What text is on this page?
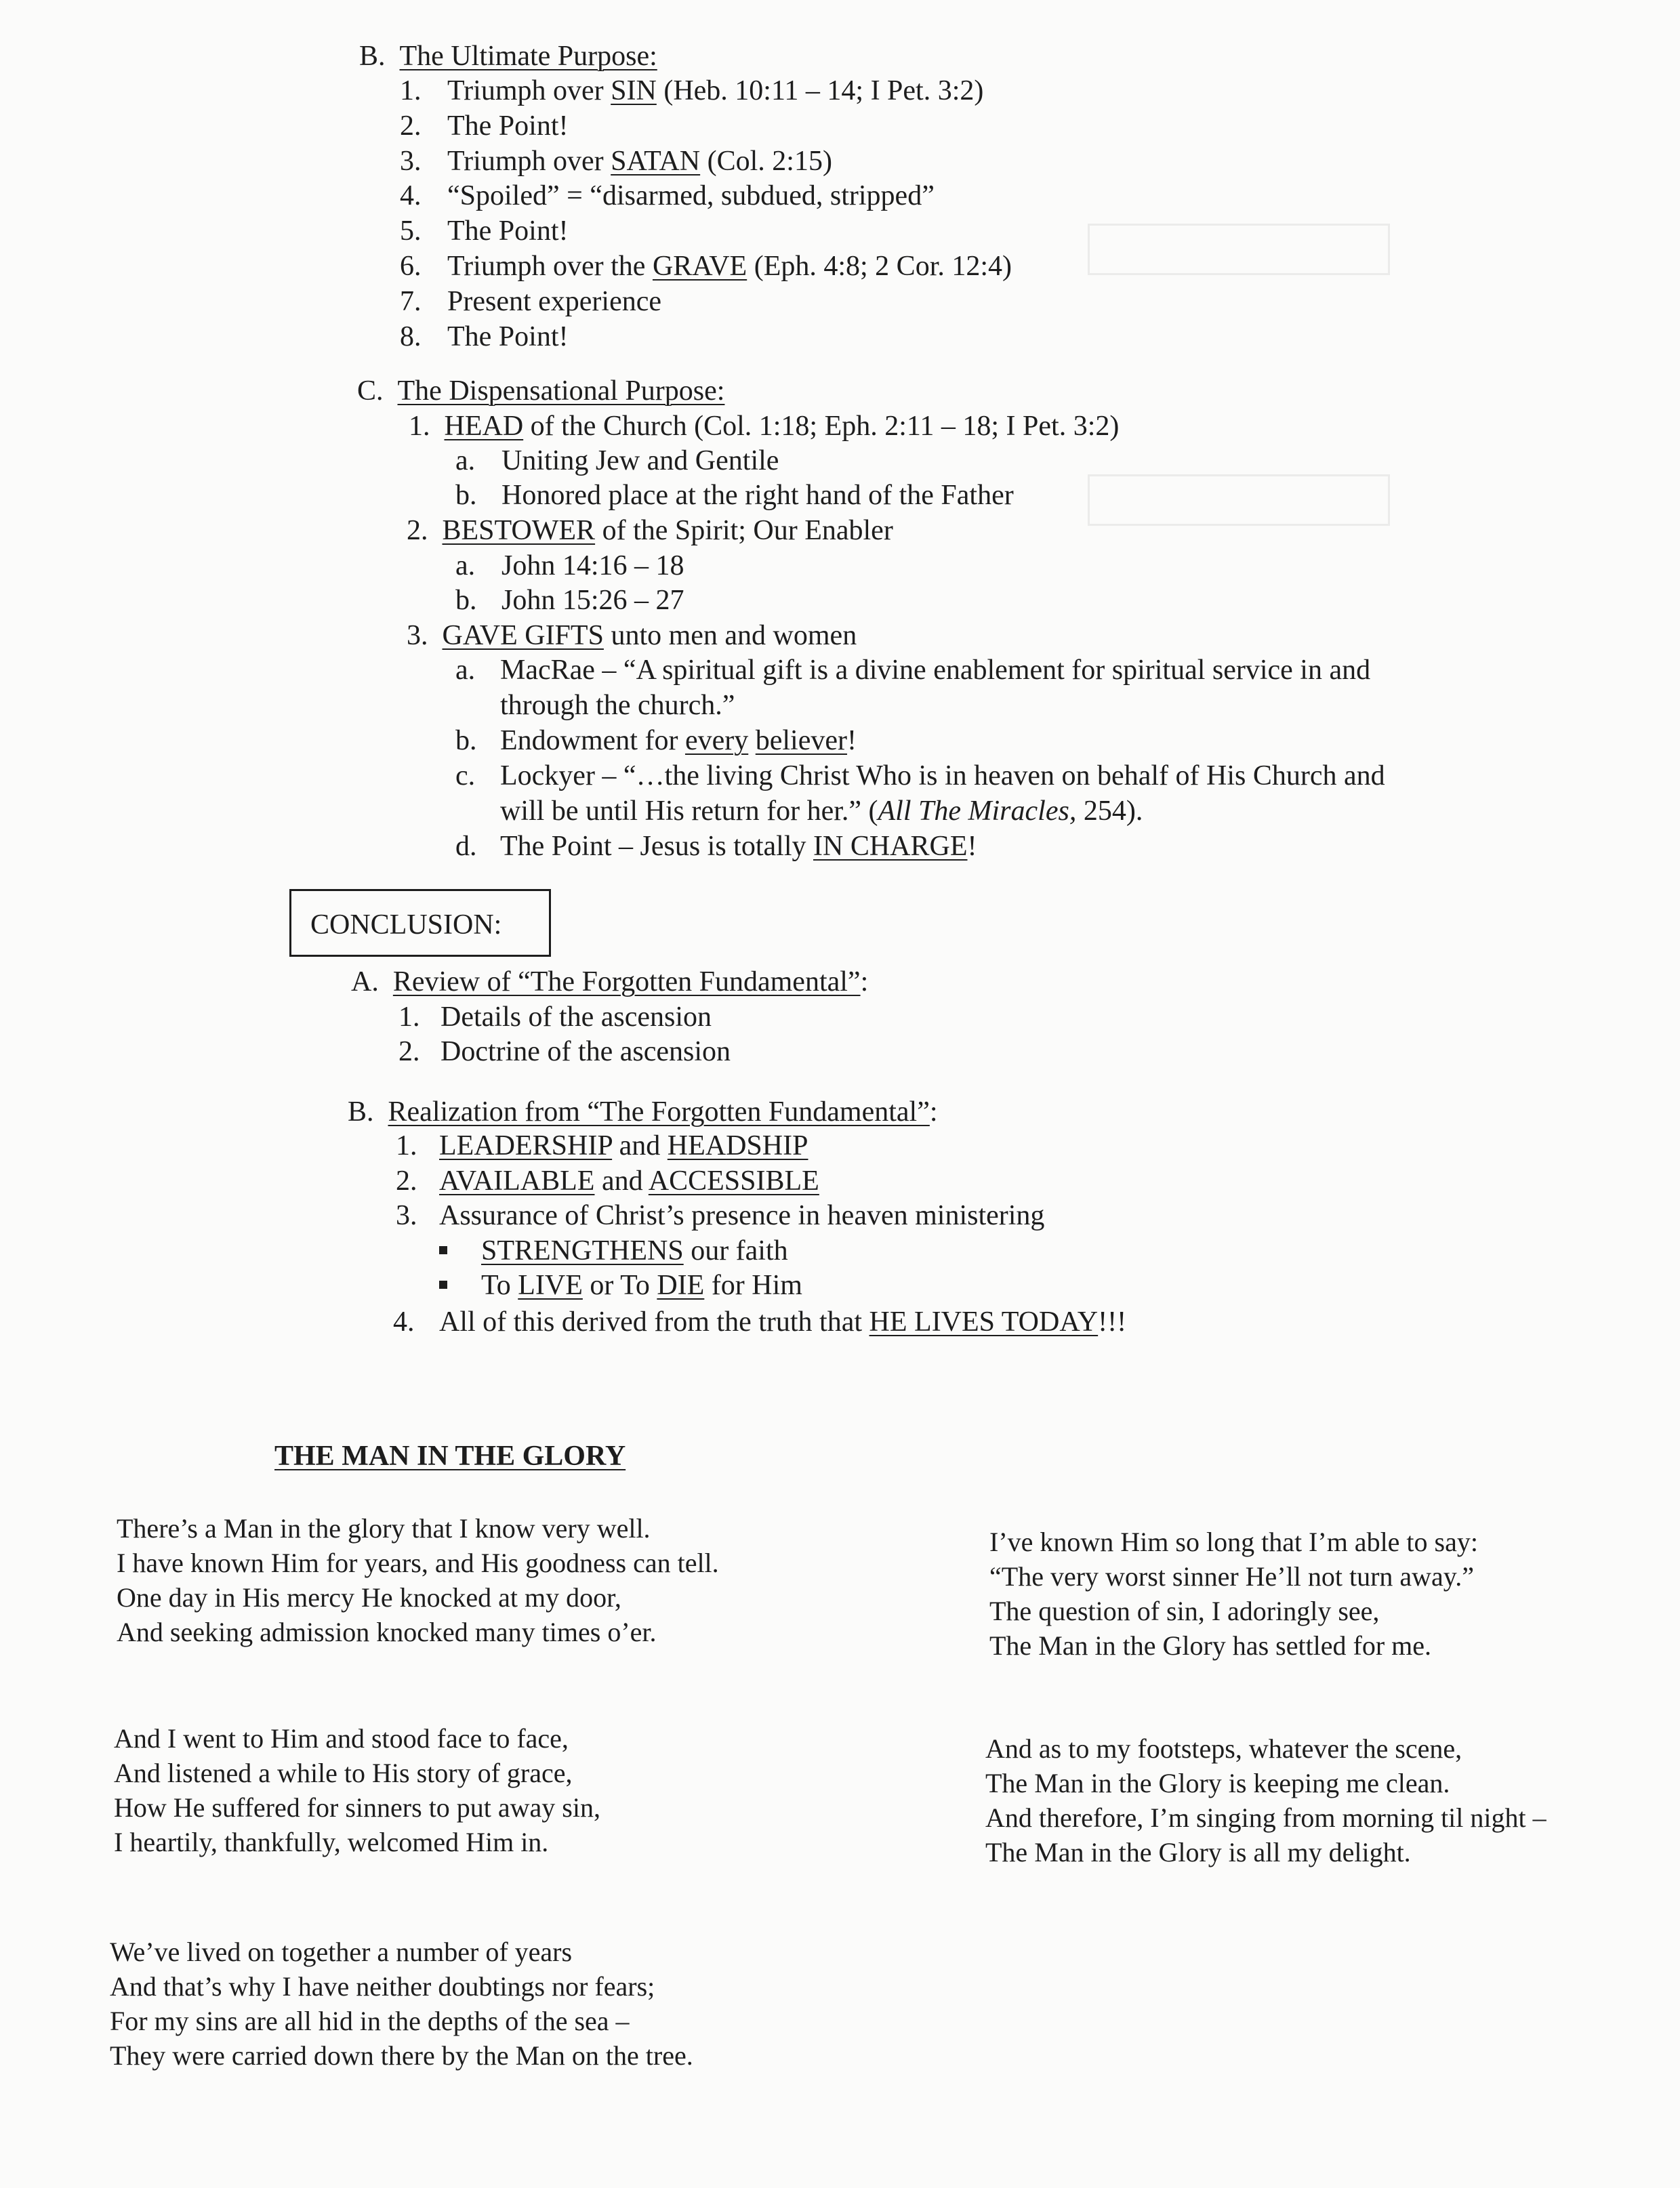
B. The Ultimate Purpose:
1. Triumph over SIN (Heb. 10:11 – 14; I Pet. 3:2)
2. The Point!
3. Triumph over SATAN (Col. 2:15)
4. “Spoiled” = “disarmed, subdued, stripped”
5. The Point!
6. Triumph over the GRAVE (Eph. 4:8; 2 Cor. 12:4)
7. Present experience
8. The Point!
C. The Dispensational Purpose:
1. HEAD of the Church (Col. 1:18; Eph. 2:11 – 18; I Pet. 3:2)
a. Uniting Jew and Gentile
b. Honored place at the right hand of the Father
2. BESTOWER of the Spirit; Our Enabler
a. John 14:16 – 18
b. John 15:26 – 27
3. GAVE GIFTS unto men and women
a. MacRae – “A spiritual gift is a divine enablement for spiritual service in and
through the church.”
b. Endowment for every believer!
c. Lockyer – “…the living Christ Who is in heaven on behalf of His Church and
will be until His return for her.” (All The Miracles, 254).
d. The Point – Jesus is totally IN CHARGE!
CONCLUSION:
A. Review of “The Forgotten Fundamental”:
1. Details of the ascension
2. Doctrine of the ascension
B. Realization from “The Forgotten Fundamental”:
1. LEADERSHIP and HEADSHIP
2. AVAILABLE and ACCESSIBLE
3. Assurance of Christ’s presence in heaven ministering
STRENGTHENS our faith
To LIVE or To DIE for Him
4. All of this derived from the truth that HE LIVES TODAY!!!
THE MAN IN THE GLORY
There’s a Man in the glory that I know very well.
I have known Him for years, and His goodness can tell.
One day in His mercy He knocked at my door,
And seeking admission knocked many times o’er.
And I went to Him and stood face to face,
And listened a while to His story of grace,
How He suffered for sinners to put away sin,
I heartily, thankfully, welcomed Him in.
We’ve lived on together a number of years
And that’s why I have neither doubtings nor fears;
For my sins are all hid in the depths of the sea –
They were carried down there by the Man on the tree.
I’ve known Him so long that I’m able to say:
“The very worst sinner He’ll not turn away.”
The question of sin, I adoringly see,
The Man in the Glory has settled for me.
And as to my footsteps, whatever the scene,
The Man in the Glory is keeping me clean.
And therefore, I’m singing from morning til night –
The Man in the Glory is all my delight.
